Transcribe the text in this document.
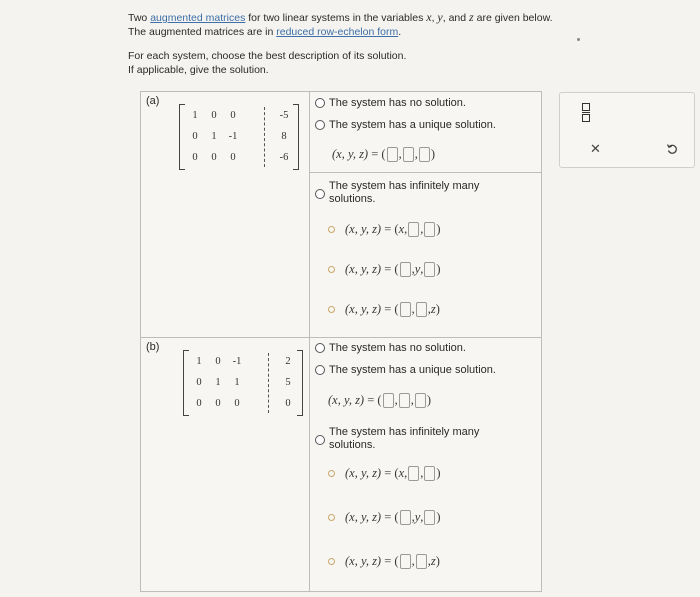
Two augmented matrices for two linear systems in the variables x, y, and z are given below.

The augmented matrices are in reduced row-echelon form.

For each system, choose the best description of its solution.

If applicable, give the solution.

(a)
1	0	0	-5
0	1	-1	8
0	0	0	-6
The system has no solution.
The system has a unique solution.
(x, y, z) = ( , , )
The system has infinitely many
solutions.
(x, y, z) = ( x , , )
(x, y, z) = ( , y , )
(x, y, z) = ( , , z )
(b)
1	0	-1	2
0	1	1	5
0	0	0	0
The system has no solution.
The system has a unique solution.
(x, y, z) = ( , , )
The system has infinitely many
solutions.
(x, y, z) = ( x , , )
(x, y, z) = ( , y , )
(x, y, z) = ( , , z )
✕
